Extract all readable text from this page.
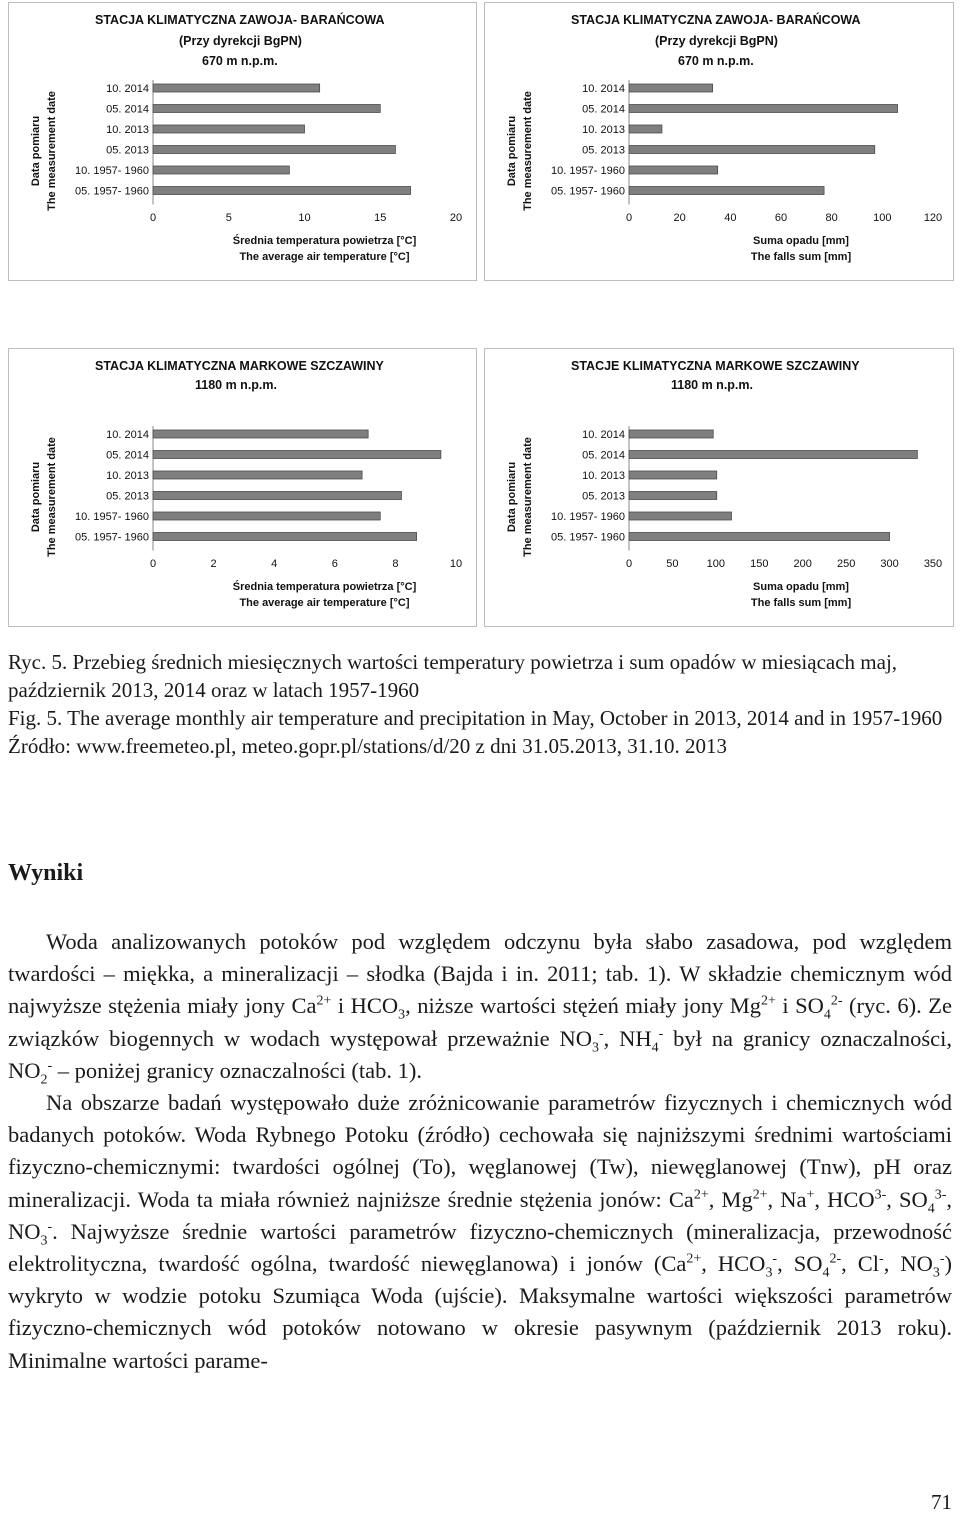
STACJA KLIMATYCZNA ZAWOJA- BARAŃCOWA
(Przy dyrekcji BgPN)
670 m n.p.m.
Data pomiaru The measurement date
10. 2014
05. 2014
10. 2013
05. 2013
10. 1957- 1960
05. 1957- 1960
0	5	10	15	20
Średnia temperatura powietrza [°C]
The average air temperature [°C]
STACJA KLIMATYCZNA ZAWOJA- BARAŃCOWA
(Przy dyrekcji BgPN)
670 m n.p.m.
Data pomiaru The measurement date
10. 2014
05. 2014
10. 2013
05. 2013
10. 1957- 1960
05. 1957- 1960
0	20	40	60	80	100	120
Suma opadu [mm]
The falls sum [mm]
STACJA KLIMATYCZNA MARKOWE SZCZAWINY
1180 m n.p.m.
Data pomiaru The measurement date
10. 2014
05. 2014
10. 2013
05. 2013
10. 1957- 1960
05. 1957- 1960
0	2	4	6	8	10
Średnia temperatura powietrza [°C]
The average air temperature [°C]
STACJE KLIMATYCZNA MARKOWE SZCZAWINY
1180 m n.p.m.
Data pomiaru The measurement date
10. 2014
05. 2014
10. 2013
05. 2013
10. 1957- 1960
05. 1957- 1960
0	50	100 150 200 250 300 350
Suma opadu [mm]
The falls sum [mm]

Ryc. 5. Przebieg średnich miesięcznych wartości temperatury powietrza i sum opadów w miesiącach maj, październik 2013, 2014 oraz w latach 1957-1960

Fig. 5. The average monthly air temperature and precipitation in May, October in 2013, 2014 and in 1957-1960

Źródło: www.freemeteo.pl, meteo.gopr.pl/stations/d/20 z dni 31.05.2013, 31.10. 2013

Wyniki

Woda analizowanych potoków pod względem odczynu była słabo zasadowa, pod względem twardości – miękka, a mineralizacji – słodka (Bajda i in. 2011; tab. 1). W składzie chemicznym wód najwyższe stężenia miały jony $Ca^{2+}$ i $HCO_3$, niższe wartości stężeń miały jony $Mg^{2+}$ i $SO_4^{2-}$ (ryc. 6). Ze związków biogennych w wodach występował przeważnie $NO_3^-$, $NH_4^-$ był na granicy oznaczalności, $NO_2^-$ – poniżej granicy oznaczalności (tab. 1).

Na obszarze badań występowało duże zróżnicowanie parametrów fizycznych i chemicznych wód badanych potoków. Woda Rybnego Potoku (źródło) cechowała się najniższymi średnimi wartościami fizyczno-chemicznymi: twardości ogólnej (To), węglanowej (Tw), niewęglanowej (Tnw), pH oraz mineralizacji. Woda ta miała również najniższe średnie stężenia jonów: $Ca^{2+}$, $Mg^{2+}$, Na+, $HCO^{3-}$, $SO_4^{3-}$, $NO_3^-$. Najwyższe średnie wartości parametrów fizyczno-chemicznych (mineralizacja, przewodność elektrolityczna, twardość ogólna, twardość niewęglanowa) i jonów ($Ca^{2+}$, $HCO_3^-$, $SO_4^{2-}$, Cl-, $NO_3^-$) wykryto w wodzie potoku Szumiąca Woda (ujście). Maksymalne wartości większości parametrów fizyczno-chemicznych wód potoków notowano w okresie pasywnym (październik 2013 roku). Minimalne wartości parame-

71
